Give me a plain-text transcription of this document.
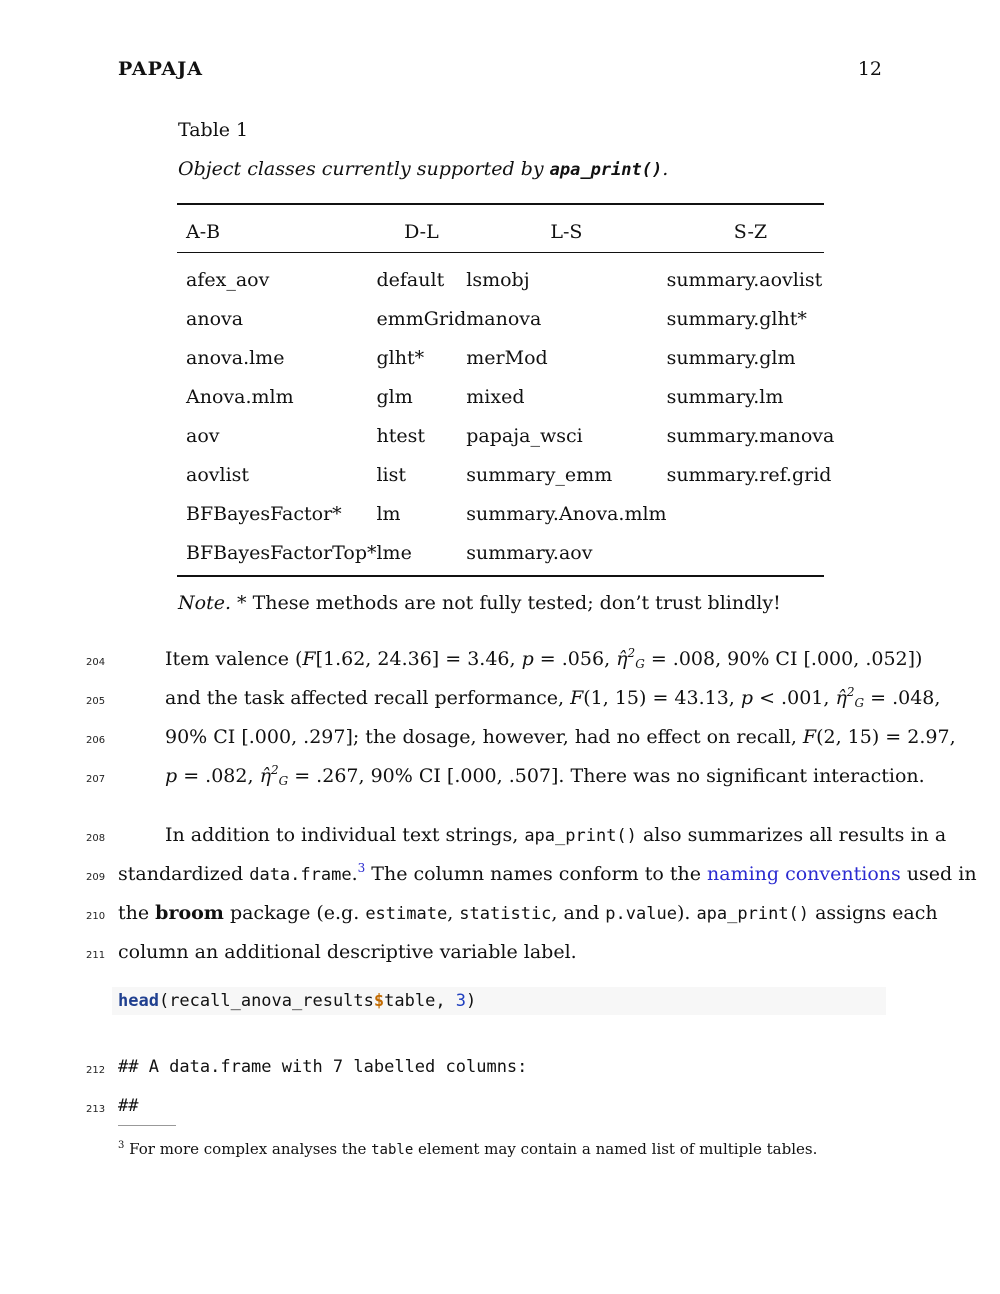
PAPAJA	12
Table 1
Object classes currently supported by apa_print().
A-B	D-L	L-S	S-Z

afex_aov	default	lsmobj	summary.aovlist
anova	emmGrid	manova	summary.glht*
anova.lme	glht*	merMod	summary.glm
Anova.mlm	glm	mixed	summary.lm
aov	htest	papaja_wsci	summary.manova
aovlist	list	summary_emm	summary.ref.grid
BFBayesFactor*	lm	summary.Anova.mlm	
BFBayesFactorTop*	lme	summary.aov	
Note. * These methods are not fully tested; don’t trust blindly!
204	Item valence (F[1.62, 24.36] = 3.46, p = .056, η̂$^2_G$ = .008, 90% CI [.000, .052])
205	and the task affected recall performance, F(1, 15) = 43.13, p < .001, η̂$^2_G$ = .048,
206	90% CI [.000, .297]; the dosage, however, had no effect on recall, F(2, 15) = 2.97,
207	p = .082, η̂$^2_G$ = .267, 90% CI [.000, .507]. There was no significant interaction.
208	In addition to individual text strings, apa_print() also summarizes all results in a
209 standardized data.frame.$^3$ The column names conform to the naming conventions used in
210 the broom package (e.g. estimate, statistic, and p.value). apa_print() assigns each
211 column an additional descriptive variable label.
head(recall_anova_results$table, 3)
212 ## A data.frame with 7 labelled columns:
213 ##
$^3$ For more complex analyses the table element may contain a named list of multiple tables.
